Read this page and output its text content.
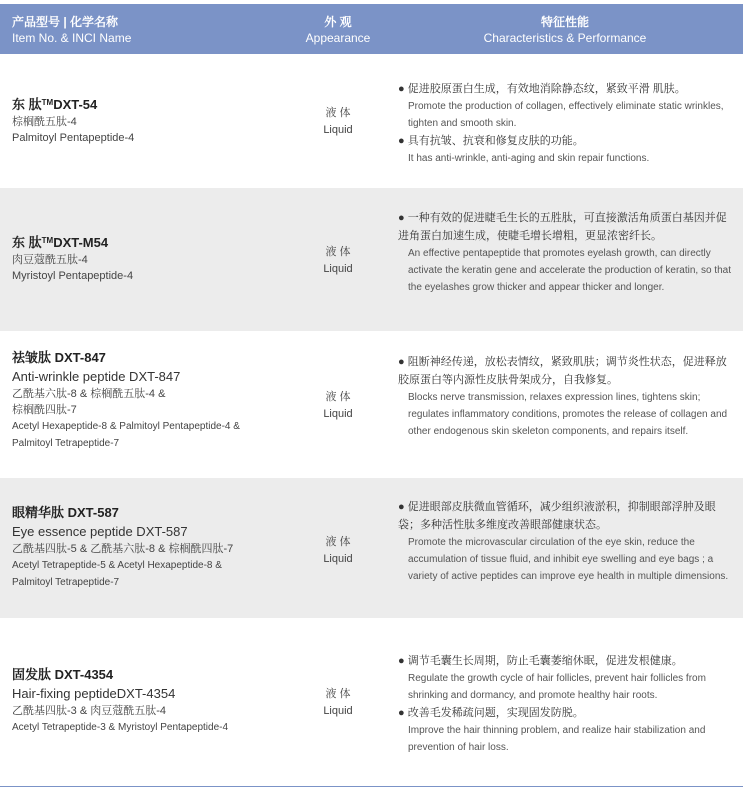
产品型号 | 化学名称
Item No. & INCI Name
外 观
Appearance
特征性能
Characteristics & Performance
东 肽™DXT-54
棕榈酰五肽-4
Palmitoyl Pentapeptide-4
液 体
Liquid
● 促进胶原蛋白生成，有效地消除静态纹，紧致平滑 肌肤。
Promote the production of collagen, effectively eliminate static wrinkles, tighten and smooth skin.
● 具有抗皱、抗衰和修复皮肤的功能。
It has anti-wrinkle, anti-aging and skin repair functions.
东 肽™DXT-M54
肉豆蔻酰五肽-4
Myristoyl Pentapeptide-4
液 体
Liquid
● 一种有效的促进睫毛生长的五胜肽，可直接激活角质蛋白基因并促进角蛋白加速生成，使睫毛增长增粗，更显浓密纤长。
An effective pentapeptide that promotes eyelash growth, can directly activate the keratin gene and accelerate the production of keratin, so that the eyelashes grow thicker and appear thicker and longer.
祛皱肽 DXT-847
Anti-wrinkle peptide DXT-847
乙酰基六肽-8 & 棕榈酰五肽-4 &
棕榈酰四肽-7
Acetyl Hexapeptide-8 & Palmitoyl Pentapeptide-4 &
Palmitoyl Tetrapeptide-7
液 体
Liquid
● 阻断神经传递，放松表情纹，紧致肌肤；调节炎性状态，促进释放胶原蛋白等内源性皮肤骨架成分，自我修复。
Blocks nerve transmission, relaxes expression lines, tightens skin; regulates inflammatory conditions, promotes the release of collagen and other endogenous skin skeleton components, and repairs itself.
眼精华肽 DXT-587
Eye essence peptide DXT-587
乙酰基四肽-5 & 乙酰基六肽-8 & 棕榈酰四肽-7
Acetyl Tetrapeptide-5 & Acetyl Hexapeptide-8 &
Palmitoyl Tetrapeptide-7
液 体
Liquid
● 促进眼部皮肤微血管循环，减少组织液淤积，抑制眼部浮肿及眼袋；多种活性肽多维度改善眼部健康状态。
Promote the microvascular circulation of the eye skin, reduce the accumulation of tissue fluid, and inhibit eye swelling and eye bags ; a variety of active peptides can improve eye health in multiple dimensions.
固发肽 DXT-4354
Hair-fixing peptideDXT-4354
乙酰基四肽-3 & 肉豆蔻酰五肽-4
Acetyl Tetrapeptide-3 & Myristoyl Pentapeptide-4
液 体
Liquid
● 调节毛囊生长周期，防止毛囊萎缩休眠，促进发根健康。
Regulate the growth cycle of hair follicles, prevent hair follicles from shrinking and dormancy, and promote healthy hair roots.
● 改善毛发稀疏问题，实现固发防脱。
Improve the hair thinning problem, and realize hair stabilization and prevention of hair loss.
